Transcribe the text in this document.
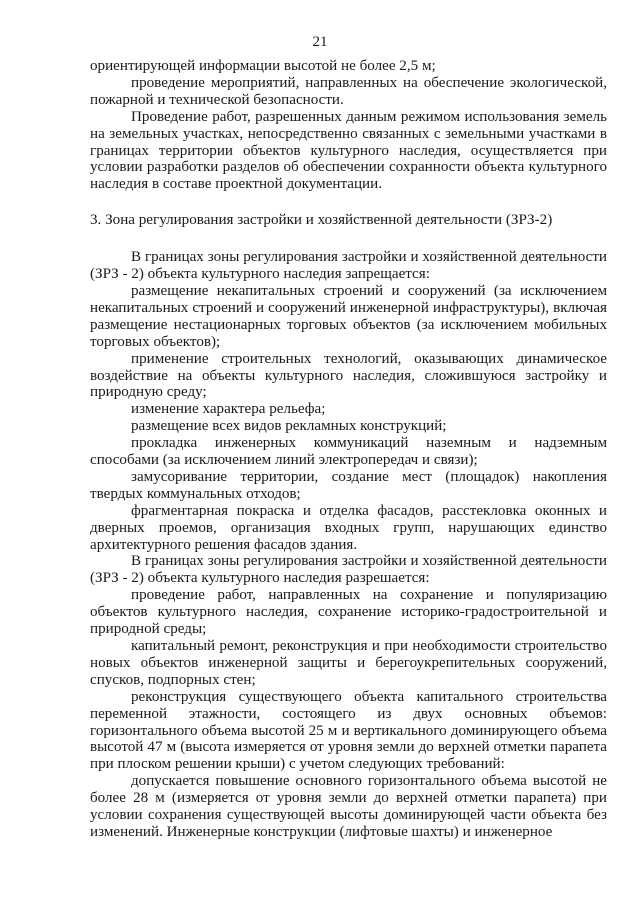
21

ориентирующей информации высотой не более 2,5 м;

проведение мероприятий, направленных на обеспечение экологической, пожарной и технической безопасности.

Проведение работ, разрешенных данным режимом использования земель на земельных участках, непосредственно связанных с земельными участками в границах территории объектов культурного наследия, осуществляется при условии разработки разделов об обеспечении сохранности объекта культурного наследия в составе проектной документации.

3. Зона регулирования застройки и хозяйственной деятельности (ЗРЗ-2)

В границах зоны регулирования застройки и хозяйственной деятельности (ЗРЗ - 2) объекта культурного наследия запрещается:

размещение некапитальных строений и сооружений (за исключением некапитальных строений и сооружений инженерной инфраструктуры), включая размещение нестационарных торговых объектов (за исключением мобильных торговых объектов);

применение строительных технологий, оказывающих динамическое воздействие на объекты культурного наследия, сложившуюся застройку и природную среду;

изменение характера рельефа;

размещение всех видов рекламных конструкций;

прокладка инженерных коммуникаций наземным и надземным способами (за исключением линий электропередач и связи);

замусоривание территории, создание мест (площадок) накопления твердых коммунальных отходов;

фрагментарная покраска и отделка фасадов, расстекловка оконных и дверных проемов, организация входных групп, нарушающих единство архитектурного решения фасадов здания.

В границах зоны регулирования застройки и хозяйственной деятельности (ЗРЗ - 2) объекта культурного наследия разрешается:

проведение работ, направленных на сохранение и популяризацию объектов культурного наследия, сохранение историко-градостроительной и природной среды;

капитальный ремонт, реконструкция и при необходимости строительство новых объектов инженерной защиты и берегоукрепительных сооружений, спусков, подпорных стен;

реконструкция существующего объекта капитального строительства переменной этажности, состоящего из двух основных объемов: горизонтального объема высотой 25 м и вертикального доминирующего объема высотой 47 м (высота измеряется от уровня земли до верхней отметки парапета при плоском решении крыши) с учетом следующих требований:

допускается повышение основного горизонтального объема высотой не более 28 м (измеряется от уровня земли до верхней отметки парапета) при условии сохранения существующей высоты доминирующей части объекта без изменений. Инженерные конструкции (лифтовые шахты) и инженерное
